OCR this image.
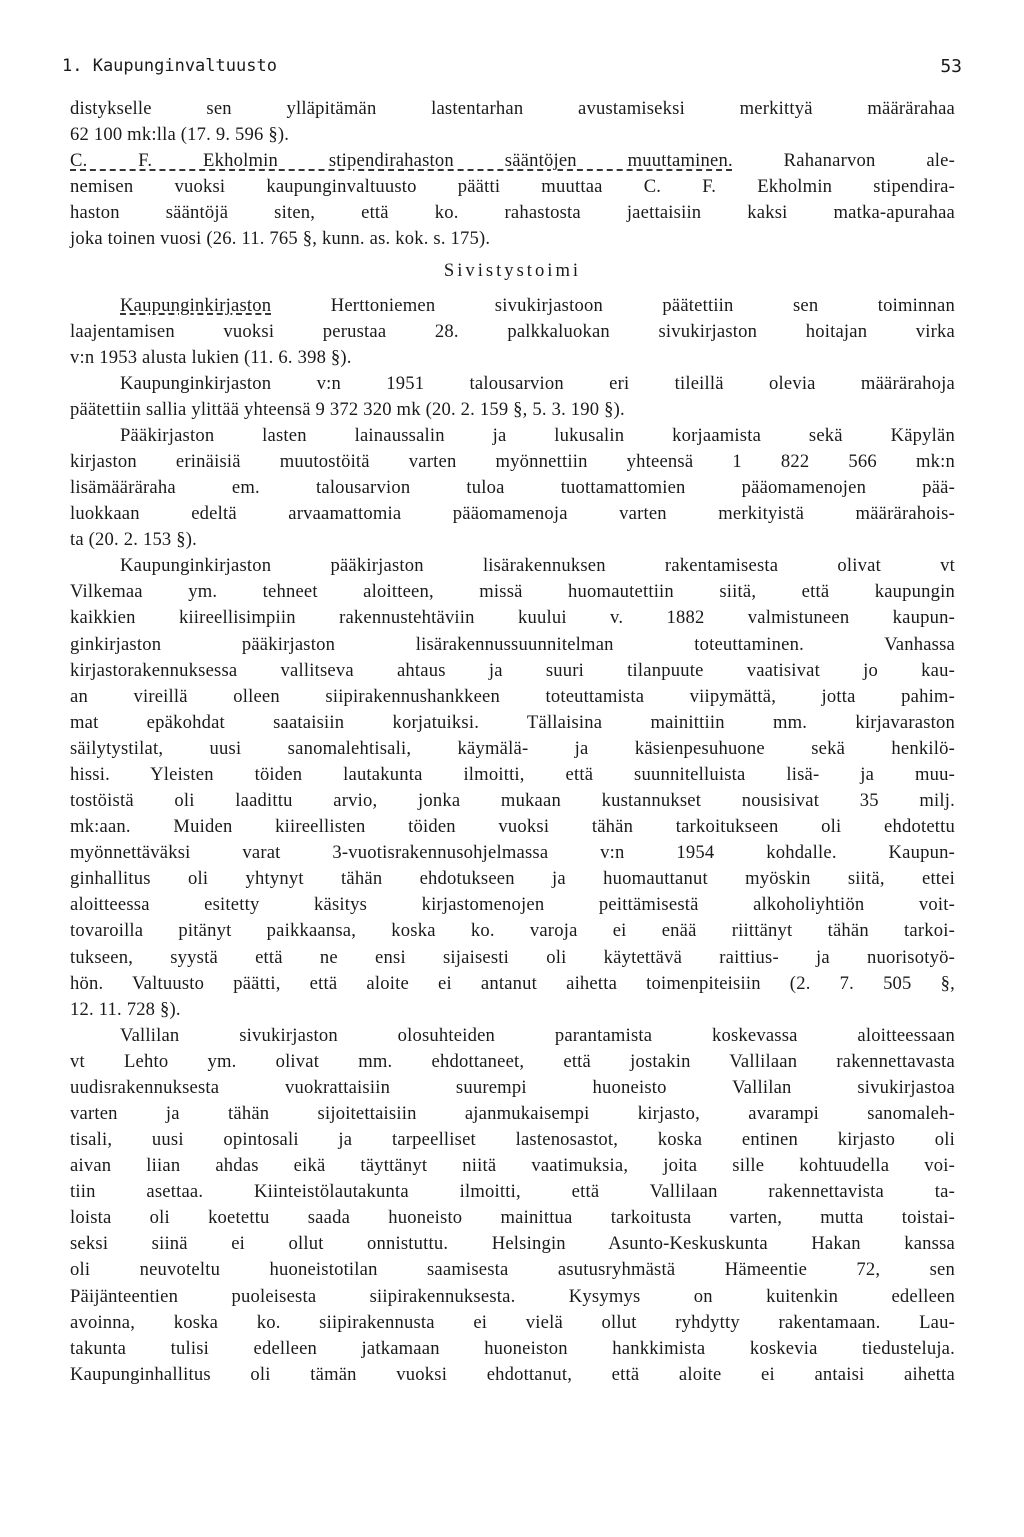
1. Kaupunginvaltuusto	53
distykselle sen ylläpitämän lastentarhan avustamiseksi merkittyä määrärahaa
62 100 mk:lla (17. 9. 596 §).
C. F. Ekholmin stipendirahaston sääntöjen muuttaminen. Rahanarvon ale-
nemisen vuoksi kaupunginvaltuusto päätti muuttaa C. F. Ekholmin stipendira-
haston sääntöjä siten, että ko. rahastosta jaettaisiin kaksi matka-apurahaa
joka toinen vuosi (26. 11. 765 §, kunn. as. kok. s. 175).
Sivistystoimi
Kaupunginkirjaston Herttoniemen sivukirjastoon päätettiin sen toiminnan
laajentamisen vuoksi perustaa 28. palkkaluokan sivukirjaston hoitajan virka
v:n 1953 alusta lukien (11. 6. 398 §).
Kaupunginkirjaston v:n 1951 talousarvion eri tileillä olevia määrärahoja
päätettiin sallia ylittää yhteensä 9 372 320 mk (20. 2. 159 §, 5. 3. 190 §).
Pääkirjaston lasten lainaussalin ja lukusalin korjaamista sekä Käpylän
kirjaston erinäisiä muutostöitä varten myönnettiin yhteensä 1 822 566 mk:n
lisämääräraha em. talousarvion tuloa tuottamattomien pääomamenojen pää-
luokkaan edeltä arvaamattomia pääomamenoja varten merkityistä määrärahois-
ta (20. 2. 153 §).
Kaupunginkirjaston pääkirjaston lisärakennuksen rakentamisesta olivat vt
Vilkemaa ym. tehneet aloitteen, missä huomautettiin siitä, että kaupungin
kaikkien kiireellisimpiin rakennustehtäviin kuului v. 1882 valmistuneen kaupun-
ginkirjaston pääkirjaston lisärakennussuunnitelman toteuttaminen. Vanhassa
kirjastorakennuksessa vallitseva ahtaus ja suuri tilanpuute vaatisivat jo kau-
an vireillä olleen siipirakennushankkeen toteuttamista viipymättä, jotta pahim-
mat epäkohdat saataisiin korjatuiksi. Tällaisina mainittiin mm. kirjavaraston
säilytystilat, uusi sanomalehtisali, käymälä- ja käsienpesuhuone sekä henkilö-
hissi. Yleisten töiden lautakunta ilmoitti, että suunnitelluista lisä- ja muu-
tostöistä oli laadittu arvio, jonka mukaan kustannukset nousisivat 35 milj.
mk:aan. Muiden kiireellisten töiden vuoksi tähän tarkoitukseen oli ehdotettu
myönnettäväksi varat 3-vuotisrakennusohjelmassa v:n 1954 kohdalle. Kaupun-
ginhallitus oli yhtynyt tähän ehdotukseen ja huomauttanut myöskin siitä, ettei
aloitteessa esitetty käsitys kirjastomenojen peittämisestä alkoholiyhtiön voit-
tovaroilla pitänyt paikkaansa, koska ko. varoja ei enää riittänyt tähän tarkoi-
tukseen, syystä että ne ensi sijaisesti oli käytettävä raittius- ja nuorisotyö-
hön. Valtuusto päätti, että aloite ei antanut aihetta toimenpiteisiin (2. 7. 505 §,
12. 11. 728 §).
Vallilan sivukirjaston olosuhteiden parantamista koskevassa aloitteessaan
vt Lehto ym. olivat mm. ehdottaneet, että jostakin Vallilaan rakennettavasta
uudisrakennuksesta vuokrattaisiin suurempi huoneisto Vallilan sivukirjastoa
varten ja tähän sijoitettaisiin ajanmukaisempi kirjasto, avarampi sanomaleh-
tisali, uusi opintosali ja tarpeelliset lastenosastot, koska entinen kirjasto oli
aivan liian ahdas eikä täyttänyt niitä vaatimuksia, joita sille kohtuudella voi-
tiin asettaa. Kiinteistölautakunta ilmoitti, että Vallilaan rakennettavista ta-
loista oli koetettu saada huoneisto mainittua tarkoitusta varten, mutta toistai-
seksi siinä ei ollut onnistuttu. Helsingin Asunto-Keskuskunta Hakan kanssa
oli neuvoteltu huoneistotilan saamisesta asutusryhmästä Hämeentie 72, sen
Päijänteentien puoleisesta siipirakennuksesta. Kysymys on kuitenkin edelleen
avoinna, koska ko. siipirakennusta ei vielä ollut ryhdytty rakentamaan. Lau-
takunta tulisi edelleen jatkamaan huoneiston hankkimista koskevia tiedusteluja.
Kaupunginhallitus oli tämän vuoksi ehdottanut, että aloite ei antaisi aihetta
